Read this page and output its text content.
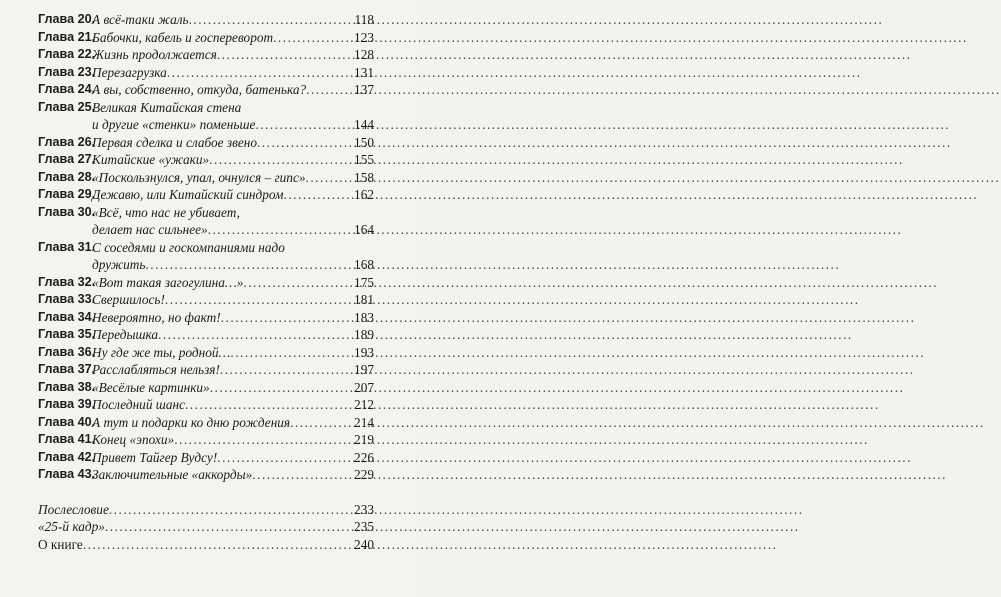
Глава 20.
А всё-таки жаль .....	118
Глава 21.
Бабочки, кабель и госпереворот .....	123
Глава 22.
Жизнь продолжается .....	128
Глава 23.
Перезагрузка .....	131
Глава 24.
А вы, собственно, откуда, батенька? .....	137
Глава 25.
Великая Китайская стена
и другие «стенки» поменьше .....	144
Глава 26.
Первая сделка и слабое звено .....	150
Глава 27.
Китайские «ужаки» .....	155
Глава 28.
«Поскользнулся, упал, очнулся – гипс» .....	158
Глава 29.
Дежавю, или Китайский синдром .....	162
Глава 30.
«Всё, что нас не убивает,
делает нас сильнее» .....	164
Глава 31.
С соседями и госкомпаниями надо
дружить .....	168
Глава 32.
«Вот такая загогулина…» .....	175
Глава 33.
Свершилось! .....	181
Глава 34.
Невероятно, но факт! .....	183
Глава 35.
Передышка .....	189
Глава 36.
Ну где же ты, родной… .....	193
Глава 37.
Расслабляться нельзя! .....	197
Глава 38.
«Весёлые картинки» .....	207
Глава 39.
Последний шанс .....	212
Глава 40.
А тут и подарки ко дню рождения .....	214
Глава 41.
Конец «эпохи» .....	219
Глава 42.
Привет Тайгер Вудсу! .....	226
Глава 43.
Заключительные «аккорды» .....	229
Послесловие .....	233
«25-й кадр» .....	235
О книге .....	240
